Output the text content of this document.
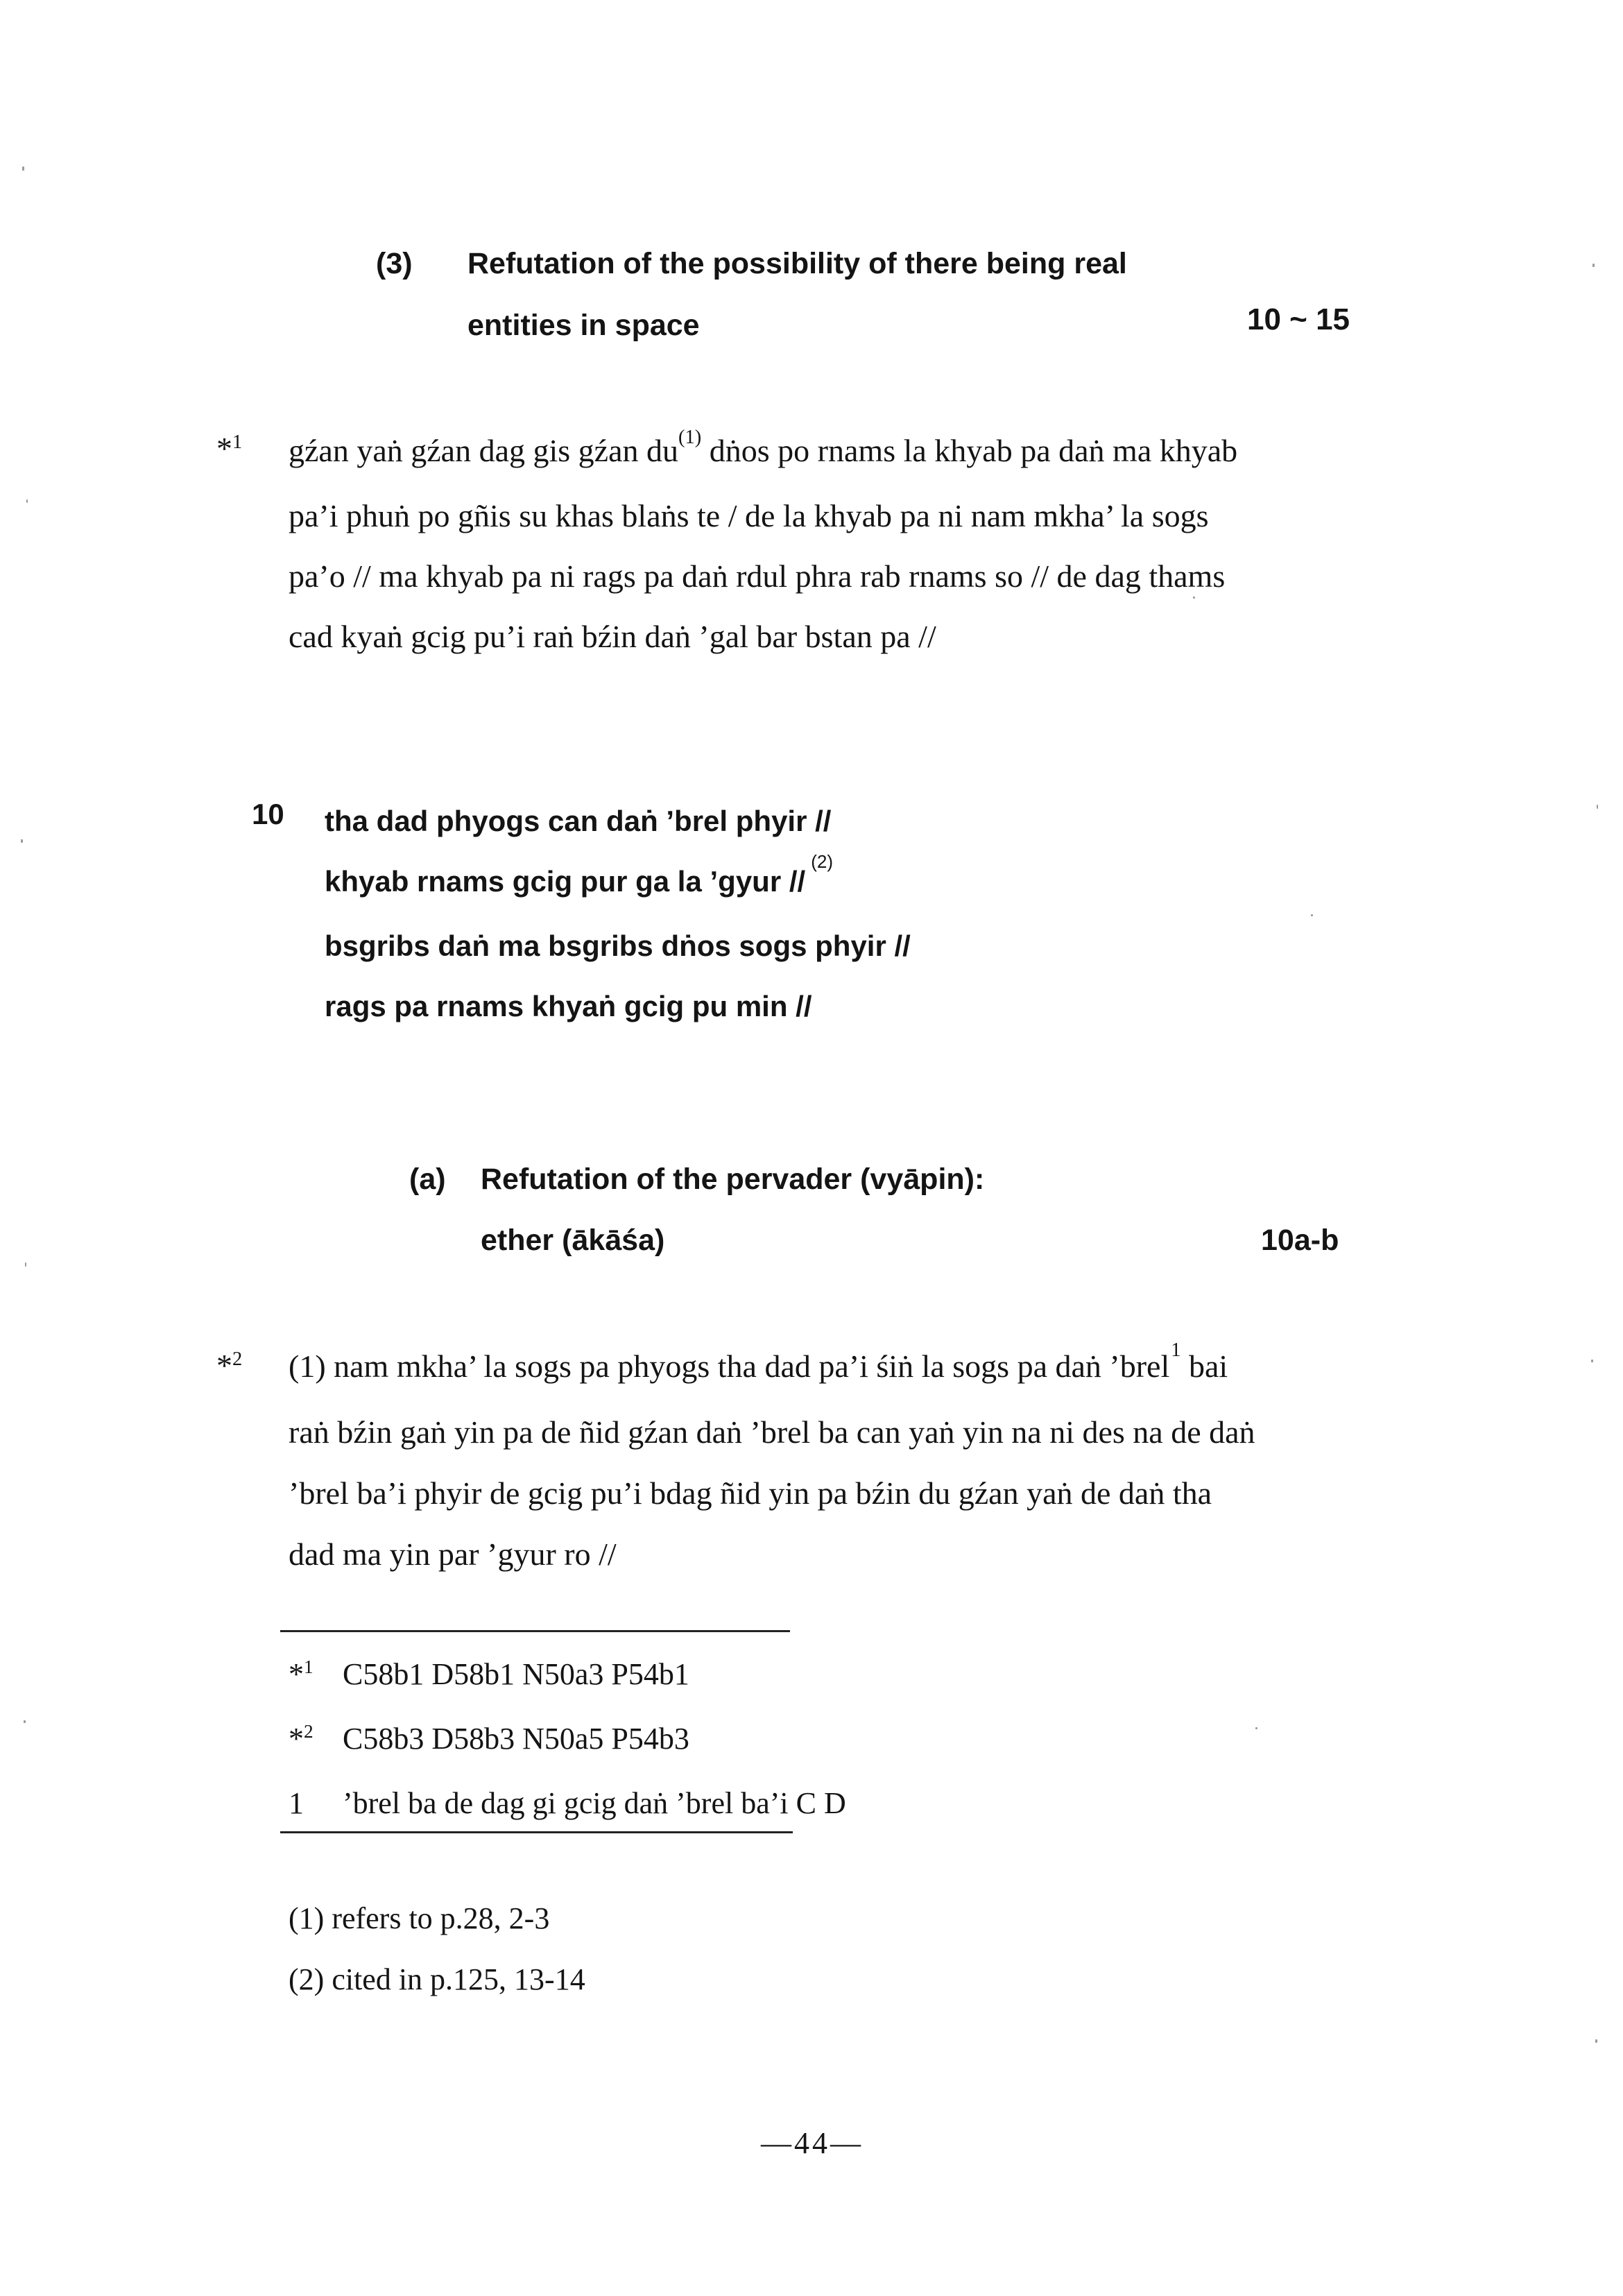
(3) Refutation of the possibility of there being real
entities in space	10 ~ 15
*$^1$ gźan yaṅ gźan dag gis gźan $du^{(1)}$ dṅos po rnams la khyab pa daṅ ma khyab
pa’i phuṅ po gñis su khas blaṅs te / de la khyab pa ni nam mkha’ la sogs
pa’o // ma khyab pa ni rags pa daṅ rdul phra rab rnams so // de dag thams
cad kyaṅ gcig pu’i raṅ bźin daṅ ’gal bar bstan pa //
10 tha dad phyogs can daṅ ’brel phyir //
khyab rnams gcig pur ga la ’gyur //$^{(2)}$
bsgribs daṅ ma bsgribs dṅos sogs phyir //
rags pa rnams khyaṅ gcig pu min //
(a) Refutation of the pervader (vyāpin):
ether (ākāśa)	10a-b
*$^2$ (1) nam mkha’ la sogs pa phyogs tha dad pa’i śiṅ la sogs pa daṅ ’brel$^1$ bai
raṅ bźin gaṅ yin pa de ñid gźan daṅ ’brel ba can yaṅ yin na ni des na de daṅ
’brel ba’i phyir de gcig pu’i bdag ñid yin pa bźin du gźan yaṅ de daṅ tha
dad ma yin par ’gyur ro //
*$^1$ C58b1 D58b1 N50a3 P54b1
*$^2$ C58b3 D58b3 N50a5 P54b3
1 ’brel ba de dag gi gcig daṅ ’brel ba’i C D
(1) refers to p.28, 2-3
(2) cited in p.125, 13-14
—44—
